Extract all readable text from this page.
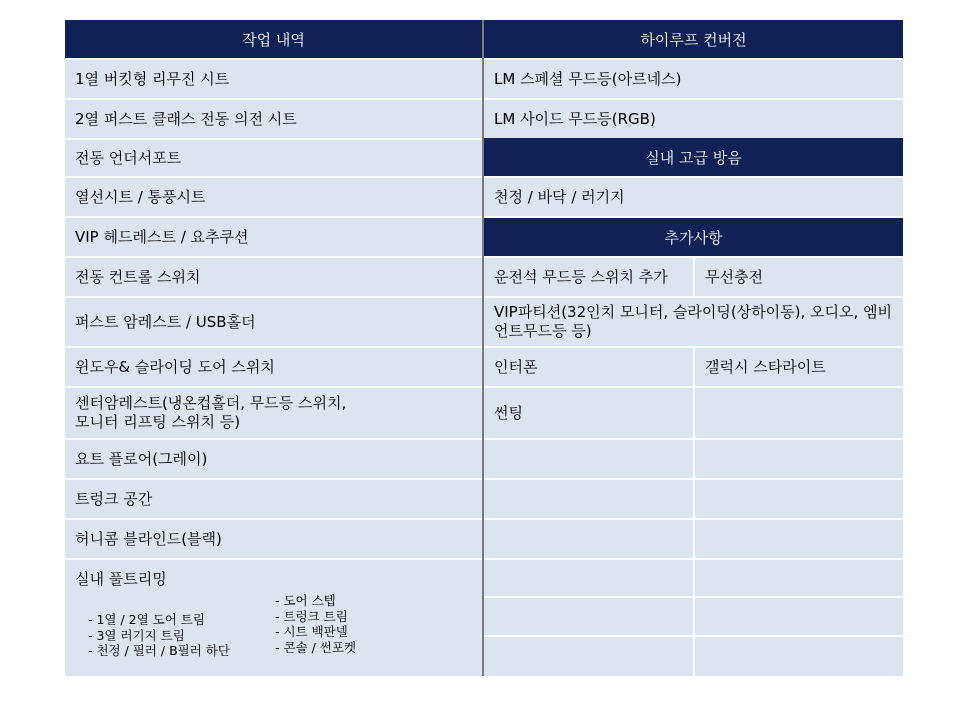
작업 내역
1열 버킷형 리무진 시트
2열 퍼스트 클래스 전동 의전 시트
전동 언더서포트
열선시트 / 통풍시트
VIP 헤드레스트 / 요추쿠션
전동 컨트롤 스위치
퍼스트 암레스트 / USB홀더
윈도우& 슬라이딩 도어 스위치
센터암레스트(냉온컵홀더, 무드등 스위치,
모니터 리프팅 스위치 등)
요트 플로어(그레이)
트렁크 공간
허니콤 블라인드(블랙)
실내 풀트리밍
- 1열 / 2열 도어 트림
- 3열 러기지 트림
- 천정 / 필러 / B필러 하단
- 도어 스텝
- 트렁크 트림
- 시트 백판넬
- 콘솔 / 썬포켓
하이루프 컨버전
LM 스페셜 무드등(아르네스)
LM 사이드 무드등(RGB)
실내 고급 방음
천정 / 바닥 / 러기지
추가사항
운전석 무드등 스위치 추가	무선충전
VIP파티션(32인치 모니터, 슬라이딩(상하이동), 오디오, 엠비언트무드등 등)
인터폰	갤럭시 스타라이트
썬팅
